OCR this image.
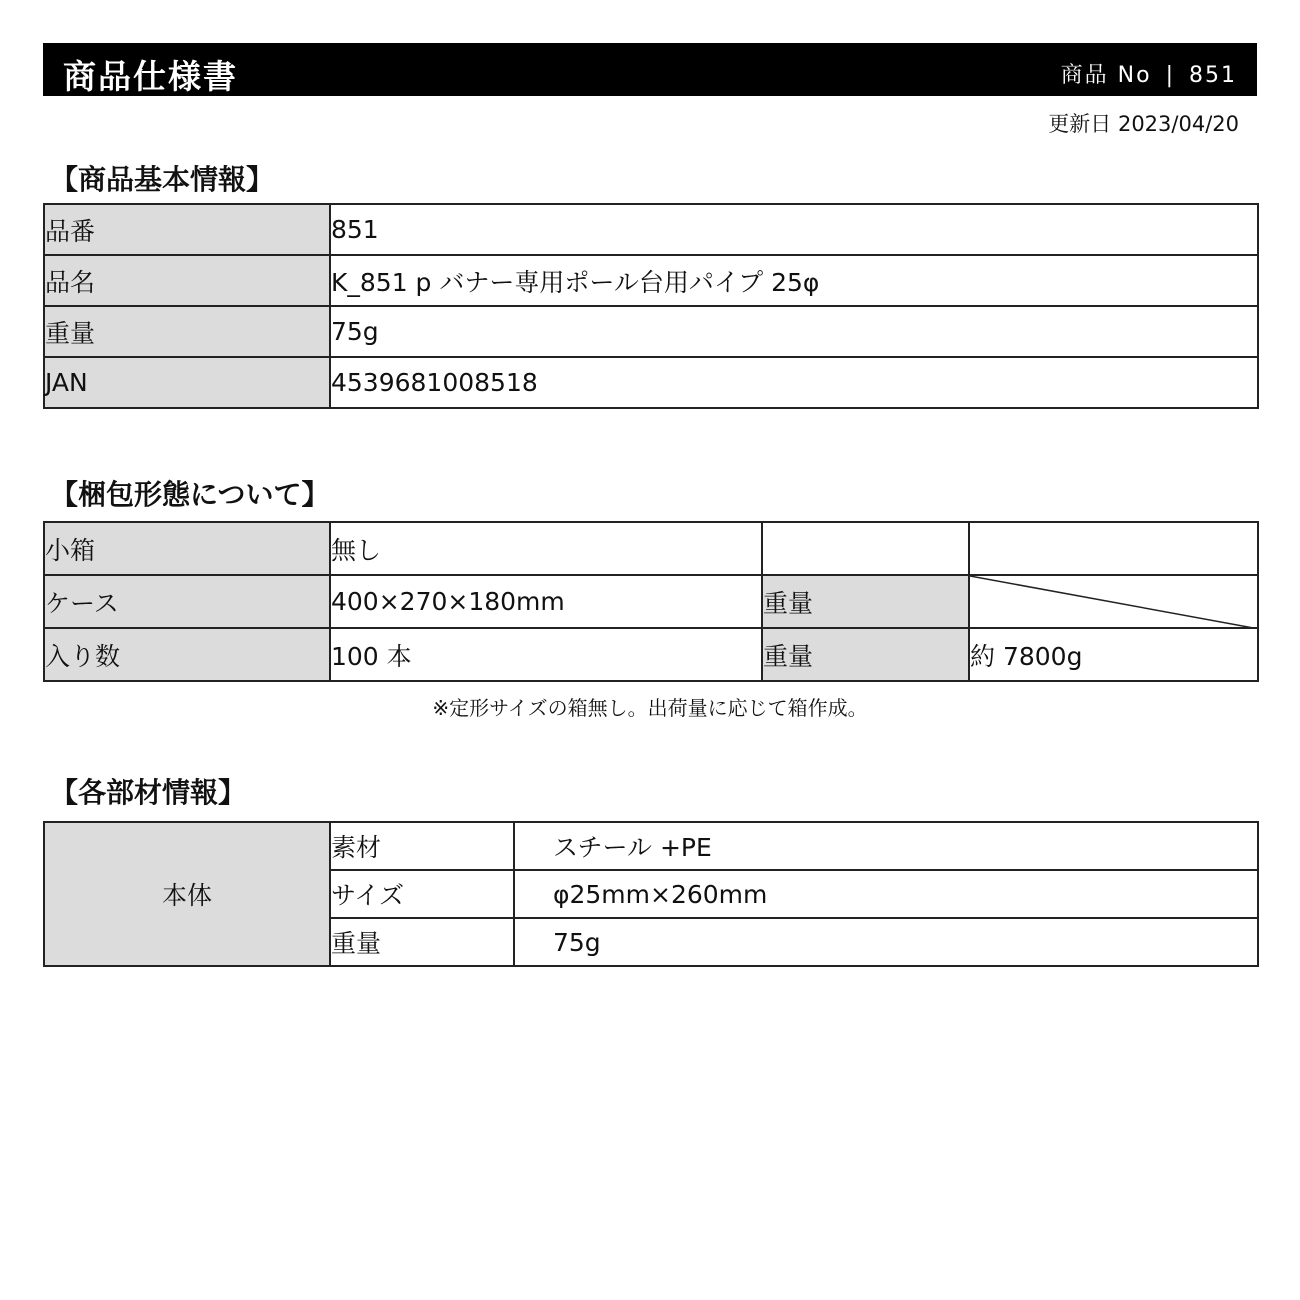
商品仕様書	商品 No | 851
更新日 2023/04/20
【商品基本情報】
品番	851
品名	K_851 p バナー専用ポール台用パイプ 25φ
重量	75g
JAN	4539681008518
【梱包形態について】
小箱	無し		
ケース	400×270×180mm	重量	

入り数	100 本	重量	約 7800g
※定形サイズの箱無し。出荷量に応じて箱作成。
【各部材情報】
本体	素材	スチール +PE
	サイズ	φ25mm×260mm
	重量	75g
